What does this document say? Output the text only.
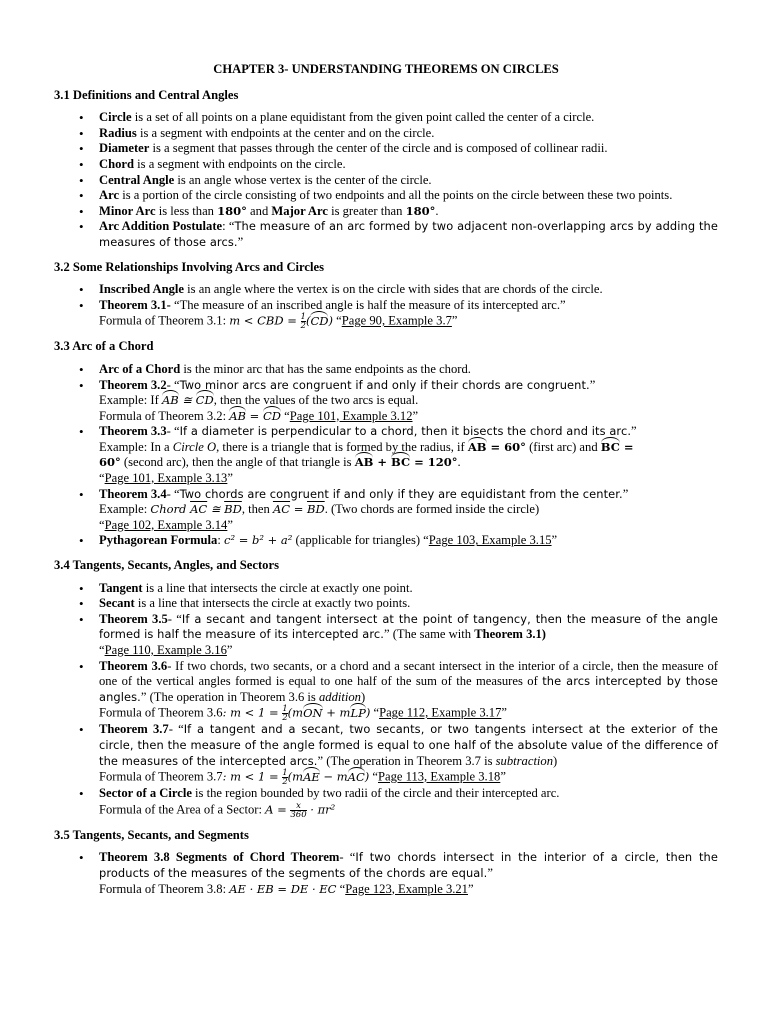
CHAPTER 3- UNDERSTANDING THEOREMS ON CIRCLES
3.1 Definitions and Central Angles
• Circle is a set of all points on a plane equidistant from the given point called the center of a circle.
• Radius is a segment with endpoints at the center and on the circle.
• Diameter is a segment that passes through the center of the circle and is composed of collinear radii.
• Chord is a segment with endpoints on the circle.
• Central Angle is an angle whose vertex is the center of the circle.
• Arc is a portion of the circle consisting of two endpoints and all the points on the circle between these two points.
• Minor Arc is less than 180° and Major Arc is greater than 180°.
• Arc Addition Postulate: “The measure of an arc formed by two adjacent non-overlapping arcs by adding the measures of those arcs.”
3.2 Some Relationships Involving Arcs and Circles
• Inscribed Angle is an angle where the vertex is on the circle with sides that are chords of the circle.
• Theorem 3.1- “The measure of an inscribed angle is half the measure of its intercepted arc.”
Formula of Theorem 3.1: m < CBD = $\frac{1}{2} (CD)$ “Page 90, Example 3.7”
3.3 Arc of a Chord
• Arc of a Chord is the minor arc that has the same endpoints as the chord.
• Theorem 3.2- “Two minor arcs are congruent if and only if their chords are congruent.”
Example: If AB ≅ CD, then the values of the two arcs is equal.
Formula of Theorem 3.2: AB = CD “Page 101, Example 3.12”
• Theorem 3.3- “If a diameter is perpendicular to a chord, then it bisects the chord and its arc.”
Example: In a Circle O, there is a triangle that is formed by the radius, if AB = 60° (first arc) and BC =
60° (second arc), then the angle of that triangle is AB + BC = 120°.
“Page 101, Example 3.13”
• Theorem 3.4- “Two chords are congruent if and only if they are equidistant from the center.”
Example: Chord $\overline{AC}$ ≅ $\overline{BD}$, then $\overline{AC} = \overline{BD}$. (Two chords are formed inside the circle)
“Page 102, Example 3.14”
• Pythagorean Formula: c² = b² + a² (applicable for triangles) “Page 103, Example 3.15”
3.4 Tangents, Secants, Angles, and Sectors
• Tangent is a line that intersects the circle at exactly one point.
• Secant is a line that intersects the circle at exactly two points.
• Theorem 3.5- “If a secant and tangent intersect at the point of tangency, then the measure of the angle formed is half the measure of its intercepted arc.” (The same with Theorem 3.1)
“Page 110, Example 3.16”
• Theorem 3.6- If two chords, two secants, or a chord and a secant intersect in the interior of a circle, then the measure of one of the vertical angles formed is equal to one half of the sum of the measures of the arcs intercepted by those angles.” (The operation in Theorem 3.6 is addition)
Formula of Theorem 3.6: $m < 1 = \frac{1}{2} (mON + mLP)$ “Page 112, Example 3.17”
• Theorem 3.7- “If a tangent and a secant, two secants, or two tangents intersect at the exterior of the circle, then the measure of the angle formed is equal to one half of the absolute value of the difference of the measures of the intercepted arcs.” (The operation in Theorem 3.7 is subtraction)
Formula of Theorem 3.7: $m < 1 = \frac{1}{2} (mAE - mAC)$ “Page 113, Example 3.18”
• Sector of a Circle is the region bounded by two radii of the circle and their intercepted arc.
Formula of the Area of a Sector: $A = \frac{x}{360} \cdot \pi r^2$
3.5 Tangents, Secants, and Segments
• Theorem 3.8 Segments of Chord Theorem- “If two chords intersect in the interior of a circle, then the products of the measures of the segments of the chords are equal.”
Formula of Theorem 3.8: AE · EB = DE · EC “Page 123, Example 3.21”
